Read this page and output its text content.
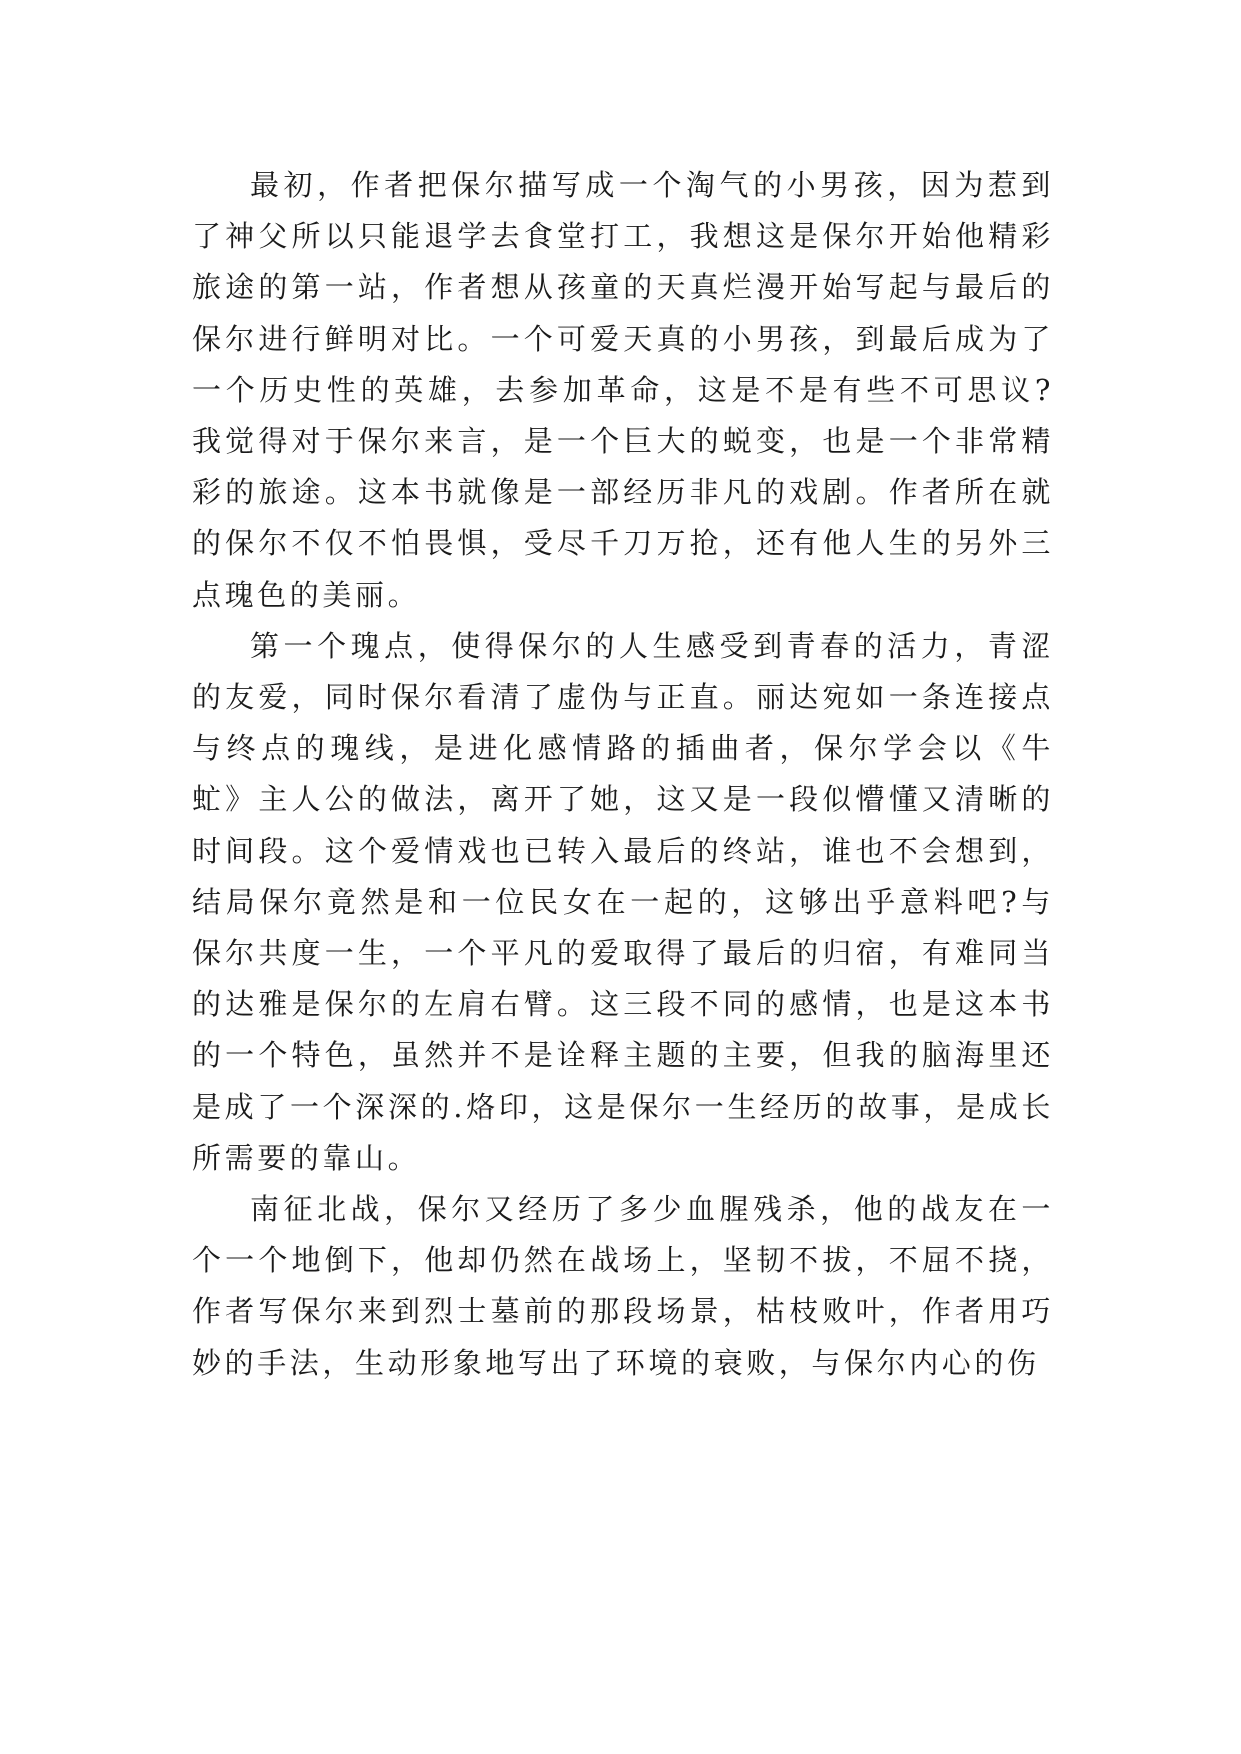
最初，作者把保尔描写成一个淘气的小男孩，因为惹到了神父所以只能退学去食堂打工，我想这是保尔开始他精彩旅途的第一站，作者想从孩童的天真烂漫开始写起与最后的保尔进行鲜明对比。一个可爱天真的小男孩，到最后成为了一个历史性的英雄，去参加革命，这是不是有些不可思议?我觉得对于保尔来言，是一个巨大的蜕变，也是一个非常精彩的旅途。这本书就像是一部经历非凡的戏剧。作者所在就的保尔不仅不怕畏惧，受尽千刀万抢，还有他人生的另外三点瑰色的美丽。

第一个瑰点，使得保尔的人生感受到青春的活力，青涩的友爱，同时保尔看清了虚伪与正直。丽达宛如一条连接点与终点的瑰线，是进化感情路的插曲者，保尔学会以《牛虻》主人公的做法，离开了她，这又是一段似懵懂又清晰的时间段。这个爱情戏也已转入最后的终站，谁也不会想到，结局保尔竟然是和一位民女在一起的，这够出乎意料吧?与保尔共度一生，一个平凡的爱取得了最后的归宿，有难同当的达雅是保尔的左肩右臂。这三段不同的感情，也是这本书的一个特色，虽然并不是诠释主题的主要，但我的脑海里还是成了一个深深的.烙印，这是保尔一生经历的故事，是成长所需要的靠山。

南征北战，保尔又经历了多少血腥残杀，他的战友在一个一个地倒下，他却仍然在战场上，坚韧不拔，不屈不挠，作者写保尔来到烈士墓前的那段场景，枯枝败叶，作者用巧妙的手法，生动形象地写出了环境的衰败，与保尔内心的伤
